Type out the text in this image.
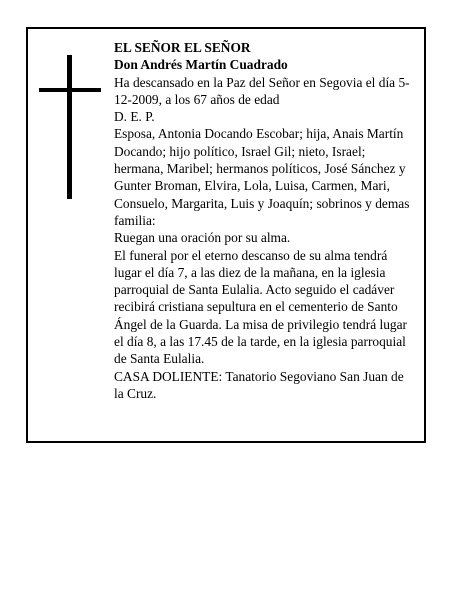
EL SEÑOR EL SEÑOR

Don Andrés Martín Cuadrado

Ha descansado en la Paz del Señor en Segovia el día 5-12-2009, a los 67 años de edad

D. E. P.

Esposa, Antonia Docando Escobar; hija, Anais Martín Docando; hijo político, Israel Gil; nieto, Israel; hermana, Maribel; hermanos políticos, José Sánchez y Gunter Broman, Elvira, Lola, Luisa, Carmen, Mari, Consuelo, Margarita, Luis y Joaquín; sobrinos y demas familia:

Ruegan una oración por su alma.

El funeral por el eterno descanso de su alma tendrá lugar el día 7, a las diez de la mañana, en la iglesia parroquial de Santa Eulalia. Acto seguido el cadáver recibirá cristiana sepultura en el cementerio de Santo Ángel de la Guarda. La misa de privilegio tendrá lugar el día 8, a las 17.45 de la tarde, en la iglesia parroquial de Santa Eulalia.

CASA DOLIENTE: Tanatorio Segoviano San Juan de la Cruz.
